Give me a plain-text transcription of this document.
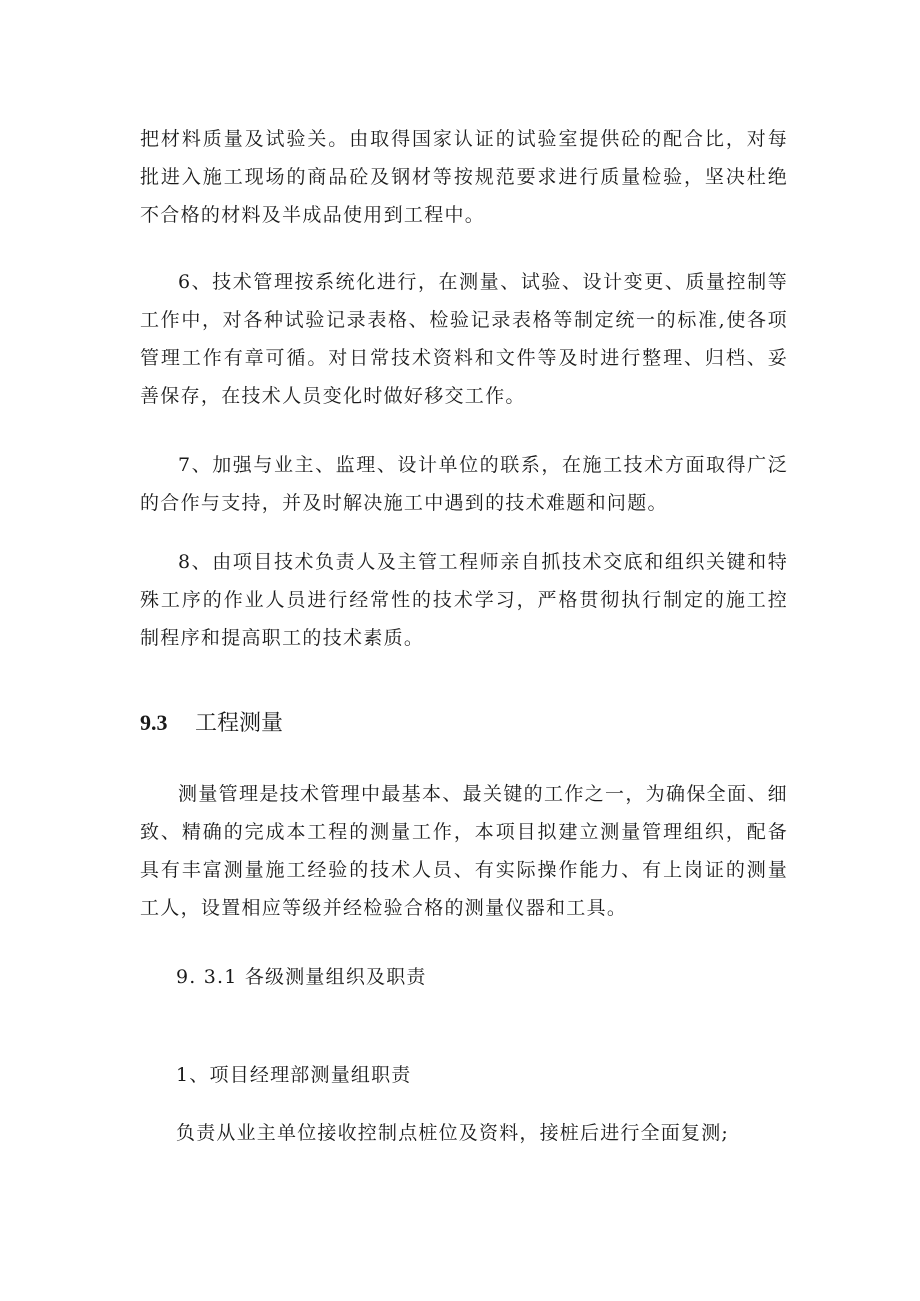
把材料质量及试验关。由取得国家认证的试验室提供砼的配合比，对每批进入施工现场的商品砼及钢材等按规范要求进行质量检验，坚决杜绝不合格的材料及半成品使用到工程中。

6、技术管理按系统化进行，在测量、试验、设计变更、质量控制等工作中，对各种试验记录表格、检验记录表格等制定统一的标准,使各项管理工作有章可循。对日常技术资料和文件等及时进行整理、归档、妥善保存，在技术人员变化时做好移交工作。

7、加强与业主、监理、设计单位的联系，在施工技术方面取得广泛的合作与支持，并及时解决施工中遇到的技术难题和问题。

8、由项目技术负责人及主管工程师亲自抓技术交底和组织关键和特殊工序的作业人员进行经常性的技术学习，严格贯彻执行制定的施工控制程序和提高职工的技术素质。

9.3 工程测量

测量管理是技术管理中最基本、最关键的工作之一，为确保全面、细致、精确的完成本工程的测量工作，本项目拟建立测量管理组织，配备具有丰富测量施工经验的技术人员、有实际操作能力、有上岗证的测量工人，设置相应等级并经检验合格的测量仪器和工具。

9. 3.1 各级测量组织及职责

1、项目经理部测量组职责

负责从业主单位接收控制点桩位及资料，接桩后进行全面复测;
